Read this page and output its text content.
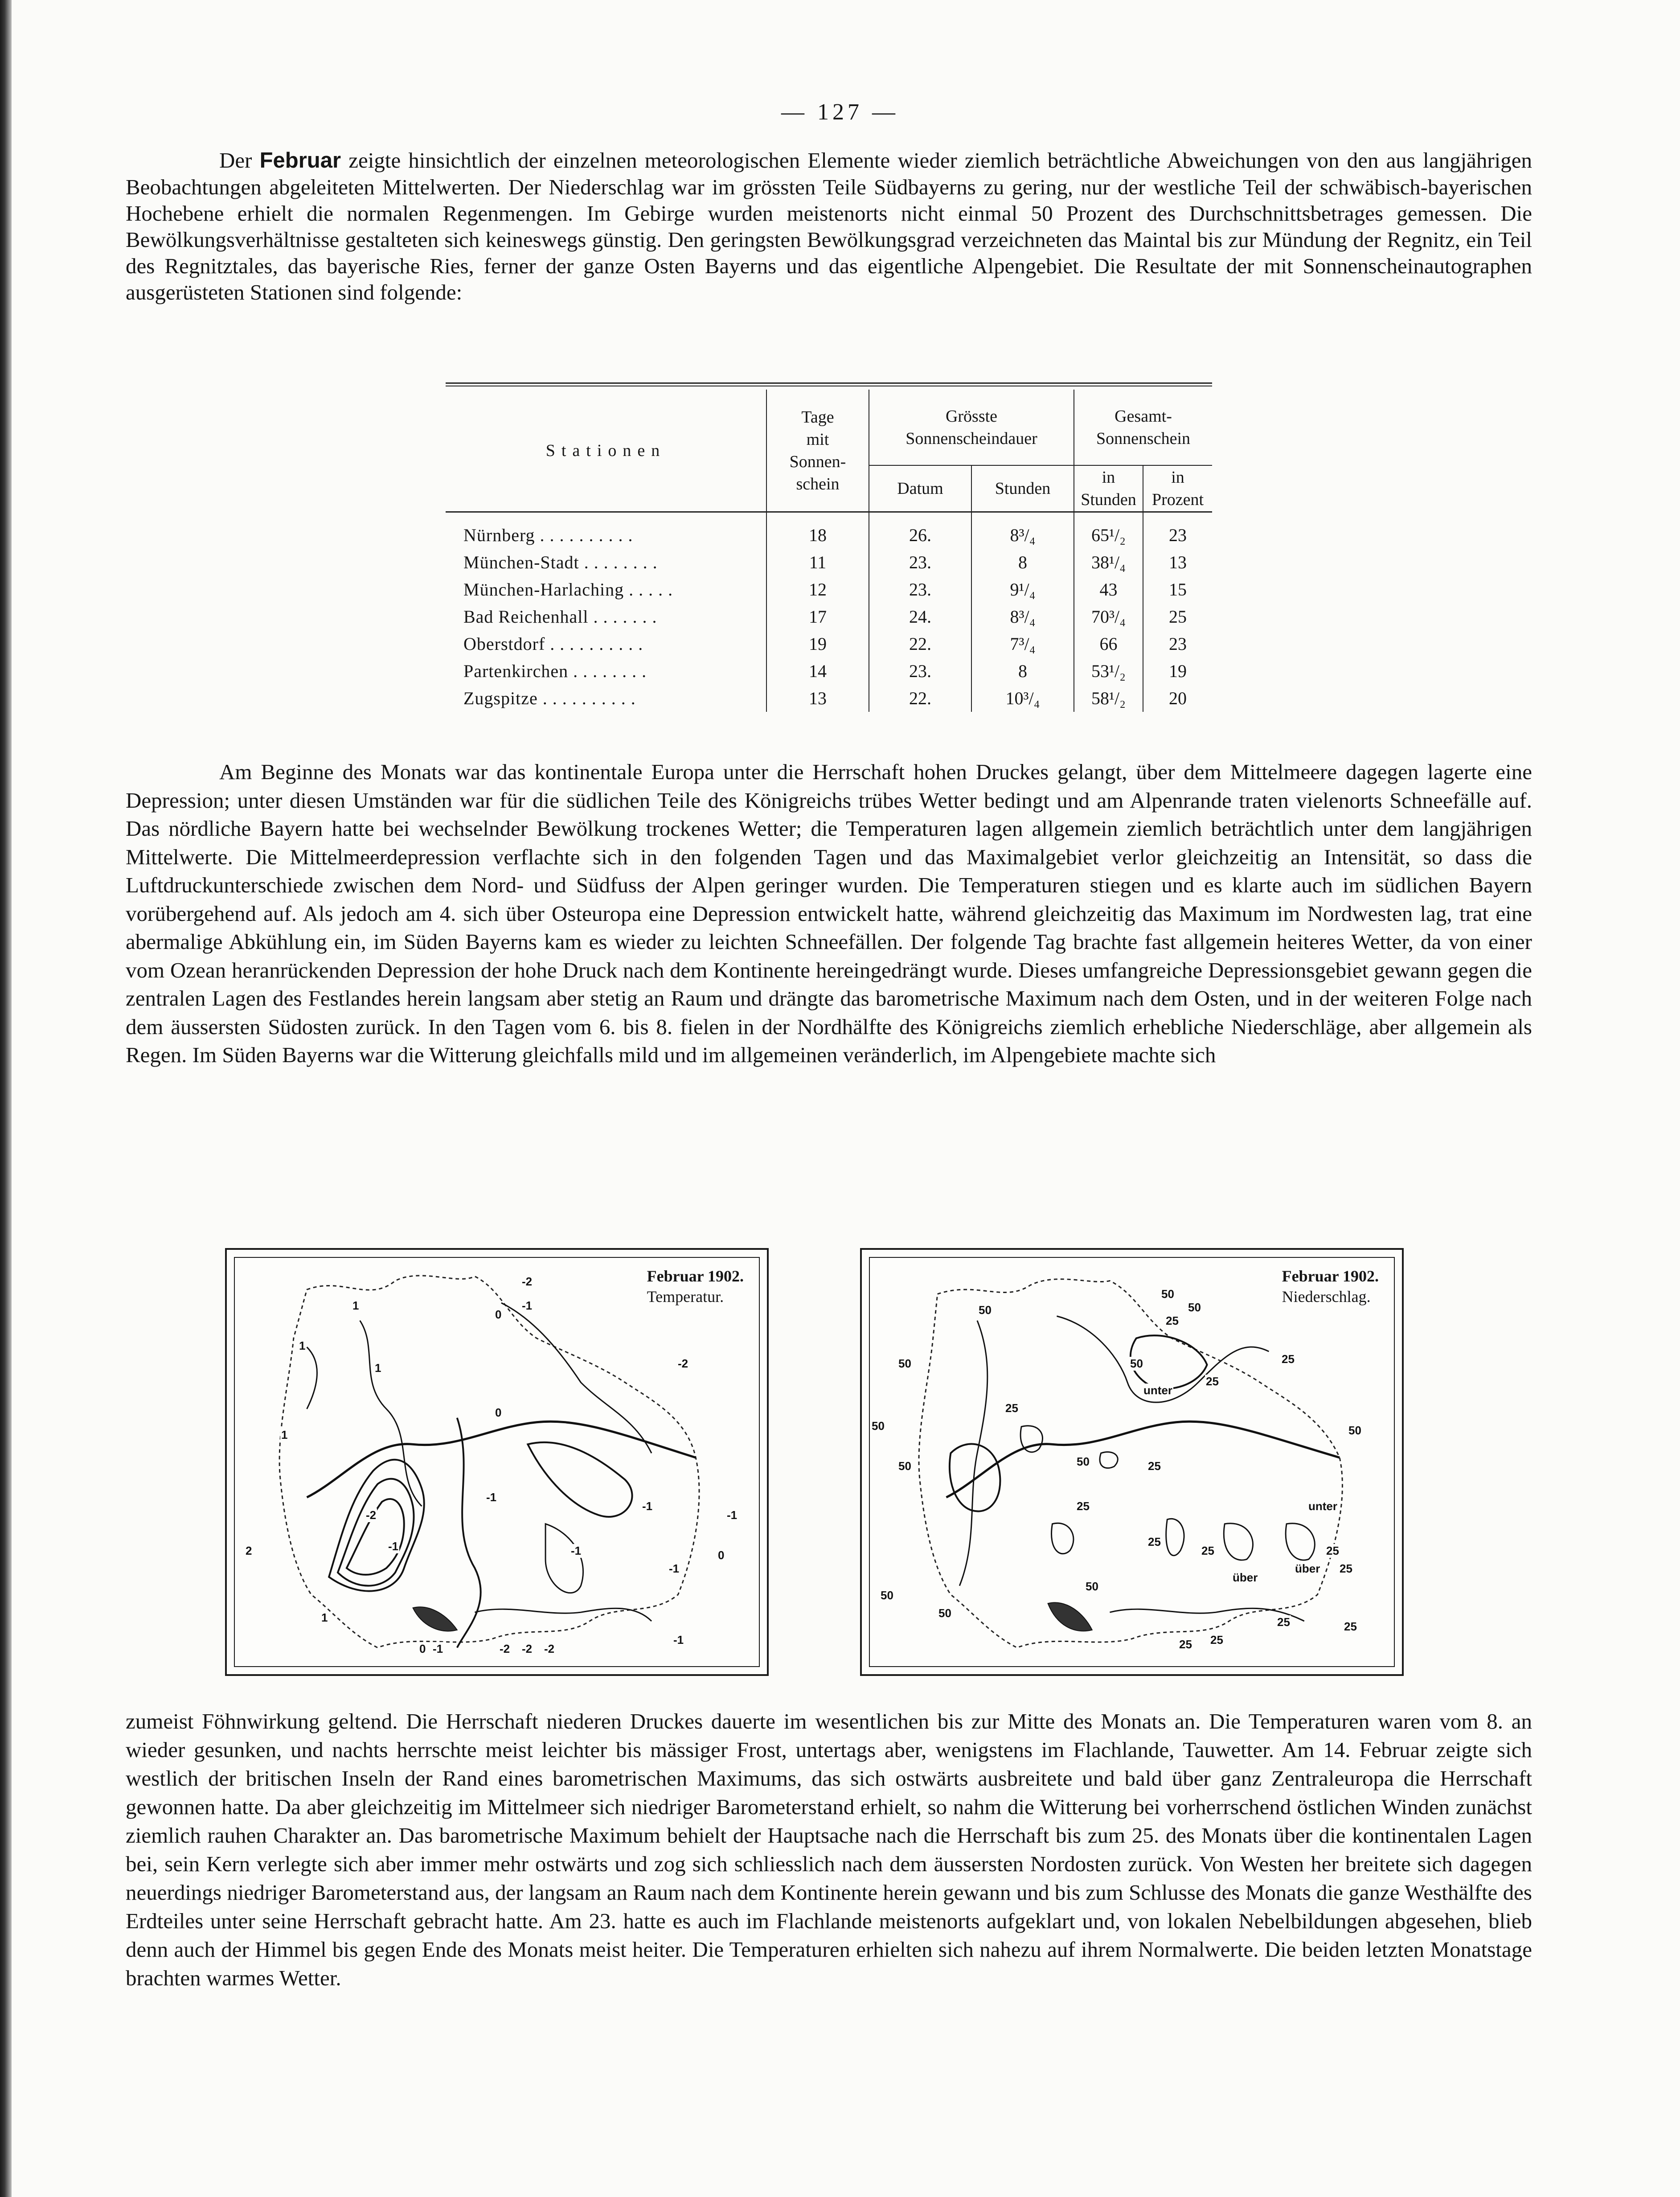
— 127 —

Der Februar zeigte hinsichtlich der einzelnen meteorologischen Elemente wieder ziemlich beträchtliche Abweichungen von den aus langjährigen Beobachtungen abgeleiteten Mittelwerten. Der Niederschlag war im grössten Teile Südbayerns zu gering, nur der westliche Teil der schwäbisch-bayerischen Hochebene erhielt die normalen Regenmengen. Im Gebirge wurden meistenorts nicht einmal 50 Prozent des Durchschnittsbetrages gemessen. Die Bewölkungsverhältnisse gestalteten sich keineswegs günstig. Den geringsten Bewölkungsgrad verzeichneten das Maintal bis zur Mündung der Regnitz, ein Teil des Regnitztales, das bayerische Ries, ferner der ganze Osten Bayerns und das eigentliche Alpengebiet. Die Resultate der mit Sonnenscheinautographen ausgerüsteten Stationen sind folgende:

Stationen	Tage
mit
Sonnen-
schein	Grösste
Sonnenscheindauer		Gesamt-
Sonnenschein	
		Datum	Stunden	in
Stunden	in
Prozent
Nürnberg . . . . . . . . . .	18	26.	8³/₄	65¹/₂	23
München-Stadt . . . . . . . .	11	23.	8	38¹/₄	13
München-Harlaching . . . . .	12	23.	9¹/₄	43	15
Bad Reichenhall . . . . . . .	17	24.	8³/₄	70³/₄	25
Oberstdorf . . . . . . . . . .	19	22.	7³/₄	66	23
Partenkirchen . . . . . . . .	14	23.	8	53¹/₂	19
Zugspitze . . . . . . . . . .	13	22.	10³/₄	58¹/₂	20

Am Beginne des Monats war das kontinentale Europa unter die Herrschaft hohen Druckes gelangt, über dem Mittelmeere dagegen lagerte eine Depression; unter diesen Umständen war für die südlichen Teile des Königreichs trübes Wetter bedingt und am Alpenrande traten vielenorts Schneefälle auf. Das nördliche Bayern hatte bei wechselnder Bewölkung trockenes Wetter; die Temperaturen lagen allgemein ziemlich beträchtlich unter dem langjährigen Mittelwerte. Die Mittelmeerdepression verflachte sich in den folgenden Tagen und das Maximalgebiet verlor gleichzeitig an Intensität, so dass die Luftdruckunterschiede zwischen dem Nord- und Südfuss der Alpen geringer wurden. Die Temperaturen stiegen und es klarte auch im südlichen Bayern vorübergehend auf. Als jedoch am 4. sich über Osteuropa eine Depression entwickelt hatte, während gleichzeitig das Maximum im Nordwesten lag, trat eine abermalige Abkühlung ein, im Süden Bayerns kam es wieder zu leichten Schneefällen. Der folgende Tag brachte fast allgemein heiteres Wetter, da von einer vom Ozean heranrückenden Depression der hohe Druck nach dem Kontinente hereingedrängt wurde. Dieses umfangreiche Depressionsgebiet gewann gegen die zentralen Lagen des Festlandes herein langsam aber stetig an Raum und drängte das barometrische Maximum nach dem Osten, und in der weiteren Folge nach dem äussersten Südosten zurück. In den Tagen vom 6. bis 8. fielen in der Nordhälfte des Königreichs ziemlich erhebliche Niederschläge, aber allgemein als Regen. Im Süden Bayerns war die Witterung gleichfalls mild und im allgemeinen veränderlich, im Alpengebiete machte sich

Februar 1902.
Temperatur.
-2
-1
0
-2
1
1
1
0
1
-1
-2
-1
2	-1
-1
-1
0
-1
1
0 -1	-2 -2 -2
-1
Februar 1902.
Niederschlag.
50
50
50
50
25
25
50
25
unter
50
50
25
50	50
25
25
unter
25
25	25
über
über 25
50
50
50
25 25
25	25

zumeist Föhnwirkung geltend. Die Herrschaft niederen Druckes dauerte im wesentlichen bis zur Mitte des Monats an. Die Temperaturen waren vom 8. an wieder gesunken, und nachts herrschte meist leichter bis mässiger Frost, untertags aber, wenigstens im Flachlande, Tauwetter. Am 14. Februar zeigte sich westlich der britischen Inseln der Rand eines barometrischen Maximums, das sich ostwärts ausbreitete und bald über ganz Zentraleuropa die Herrschaft gewonnen hatte. Da aber gleichzeitig im Mittelmeer sich niedriger Barometerstand erhielt, so nahm die Witterung bei vorherrschend östlichen Winden zunächst ziemlich rauhen Charakter an. Das barometrische Maximum behielt der Hauptsache nach die Herrschaft bis zum 25. des Monats über die kontinentalen Lagen bei, sein Kern verlegte sich aber immer mehr ostwärts und zog sich schliesslich nach dem äussersten Nordosten zurück. Von Westen her breitete sich dagegen neuerdings niedriger Barometerstand aus, der langsam an Raum nach dem Kontinente herein gewann und bis zum Schlusse des Monats die ganze Westhälfte des Erdteiles unter seine Herrschaft gebracht hatte. Am 23. hatte es auch im Flachlande meistenorts aufgeklart und, von lokalen Nebelbildungen abgesehen, blieb denn auch der Himmel bis gegen Ende des Monats meist heiter. Die Temperaturen erhielten sich nahezu auf ihrem Normalwerte. Die beiden letzten Monatstage brachten warmes Wetter.
